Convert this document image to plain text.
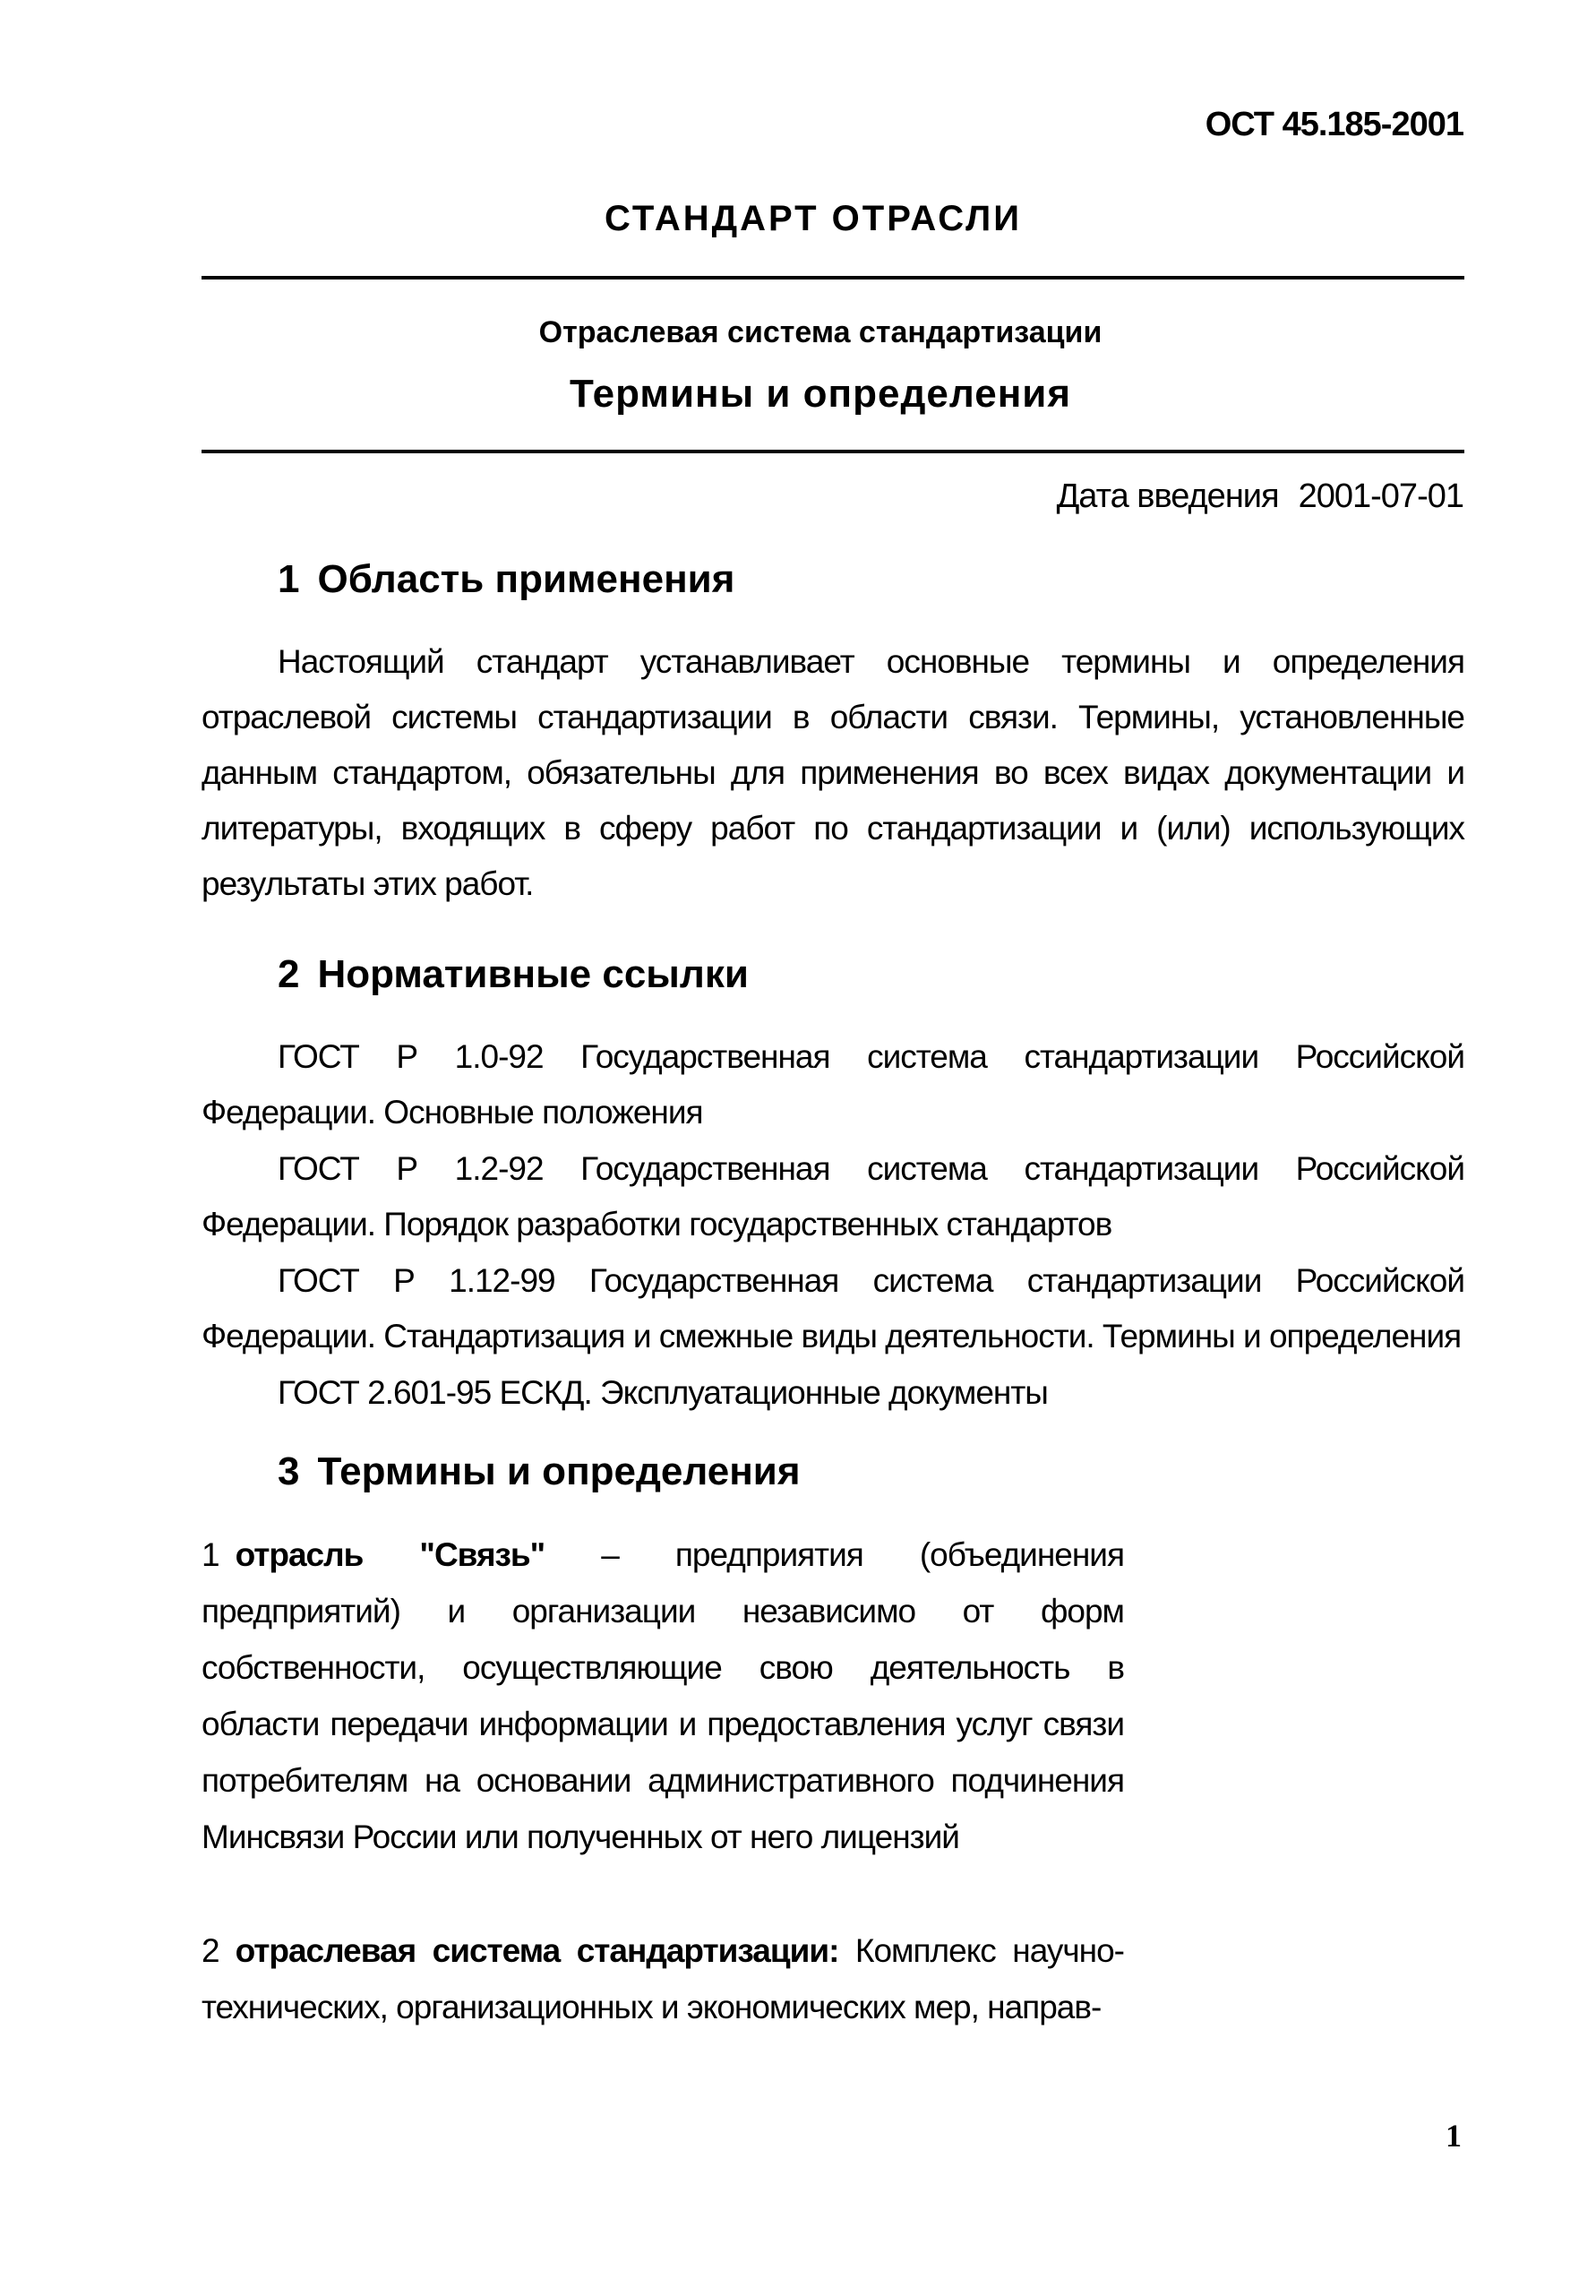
ОСТ 45.185-2001
СТАНДАРТ ОТРАСЛИ
Отраслевая система стандартизации
Термины и определения
Дата введения 2001-07-01
1 Область применения

Настоящий стандарт устанавливает основные термины и определения отраслевой системы стандартизации в области связи. Термины, установленные данным стандартом, обязательны для применения во всех видах документации и литературы, входящих в сферу работ по стандартизации и (или) использующих результаты этих работ.

2 Нормативные ссылки

ГОСТ Р 1.0-92 Государственная система стандартизации Российской Федерации. Основные положения

ГОСТ Р 1.2-92 Государственная система стандартизации Российской Федерации. Порядок разработки государственных стандартов

ГОСТ Р 1.12-99 Государственная система стандартизации Российской Федерации. Стандартизация и смежные виды деятельности. Термины и определения

ГОСТ 2.601-95 ЕСКД. Эксплуатационные документы

3 Термины и определения

1 отрасль "Связь" – предприятия (объединения предприятий) и организации независимо от форм собственности, осуществляющие свою деятельность в области передачи информации и предоставления услуг связи потребителям на основании административного подчинения Минсвязи России или полученных от него лицензий

2 отраслевая система стандартизации: Комплекс научно-технических, организационных и экономических мер, направ-

1
